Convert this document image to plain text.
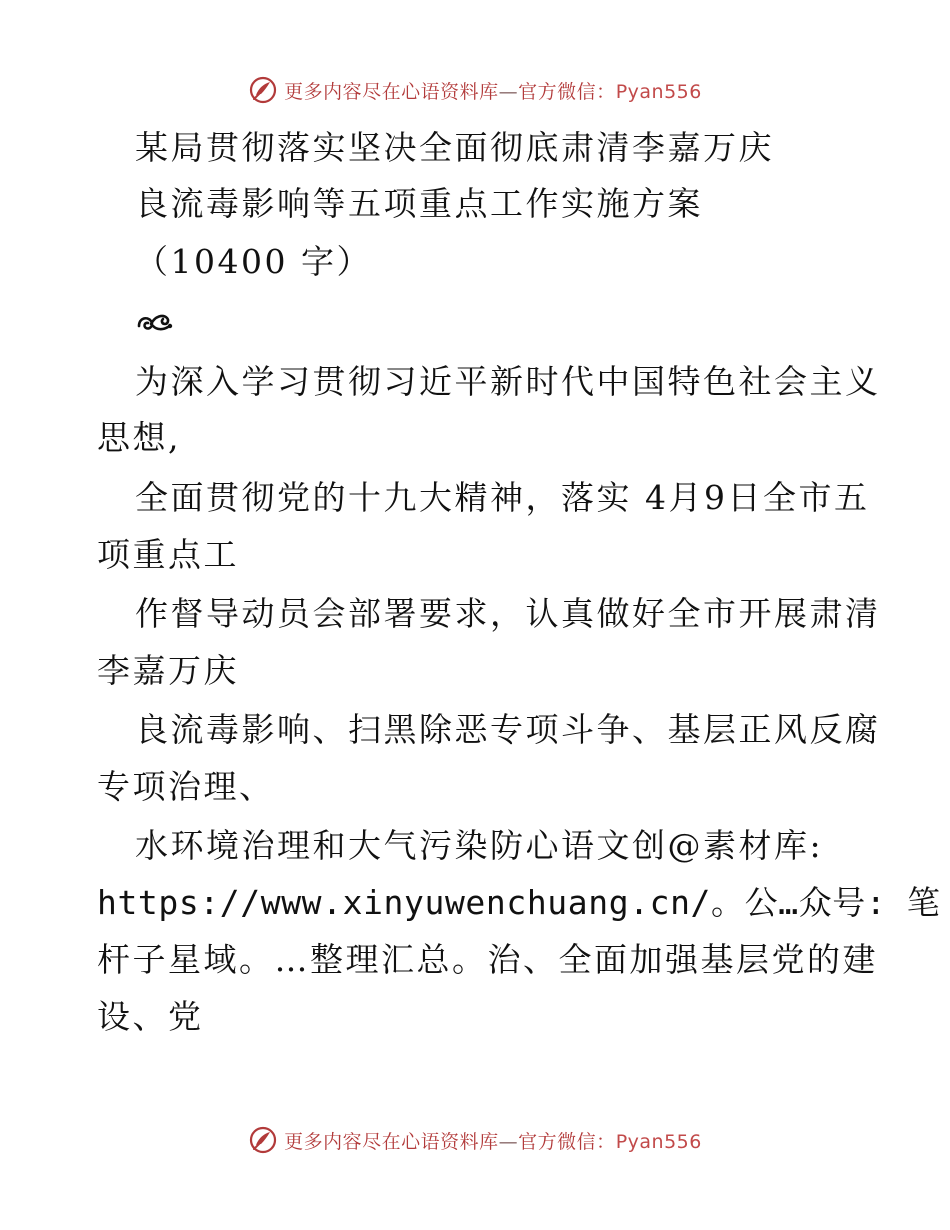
更多内容尽在心语资料库—官方微信：Pyan556
某局贯彻落实坚决全面彻底肃清李嘉万庆
良流毒影响等五项重点工作实施方案
（10400 字）
为深入学习贯彻习近平新时代中国特色社会主义
思想,
全面贯彻党的十九大精神，落实 4月9日全市五
项重点工
作督导动员会部署要求，认真做好全市开展肃清
李嘉万庆
良流毒影响、扫黑除恶专项斗争、基层正风反腐
专项治理、
水环境治理和大气污染防心语文创@素材库:
https://www.xinyuwenchuang.cn/。公…众号: 笔
杆子星域。…整理汇总。治、全面加强基层党的建
设、党
更多内容尽在心语资料库—官方微信：Pyan556
